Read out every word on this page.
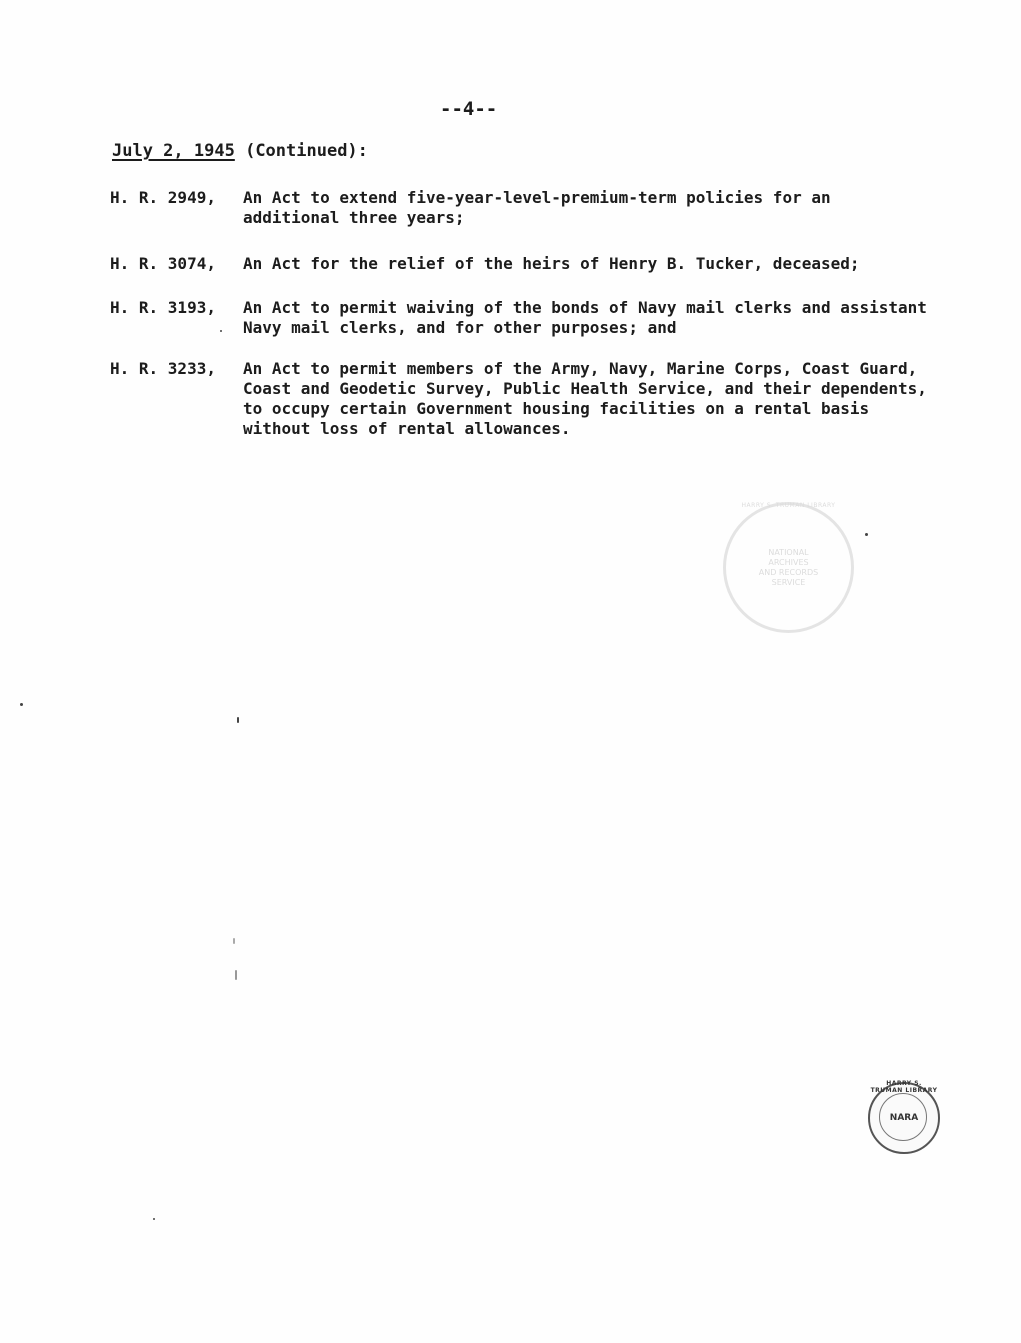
--4--
July 2, 1945 (Continued):
H. R. 2949, An Act to extend five-year-level-premium-term policies for an
additional three years;
H. R. 3074, An Act for the relief of the heirs of Henry B. Tucker, deceased;
H. R. 3193, An Act to permit waiving of the bonds of Navy mail clerks and assistant
Navy mail clerks, and for other purposes; and
H. R. 3233, An Act to permit members of the Army, Navy, Marine Corps, Coast Guard,
Coast and Geodetic Survey, Public Health Service, and their dependents,
to occupy certain Government housing facilities on a rental basis
without loss of rental allowances.
HARRY S. TRUMAN LIBRARY
NATIONAL ARCHIVES AND RECORDS SERVICE
HARRY S. TRUMAN LIBRARY
NARA
